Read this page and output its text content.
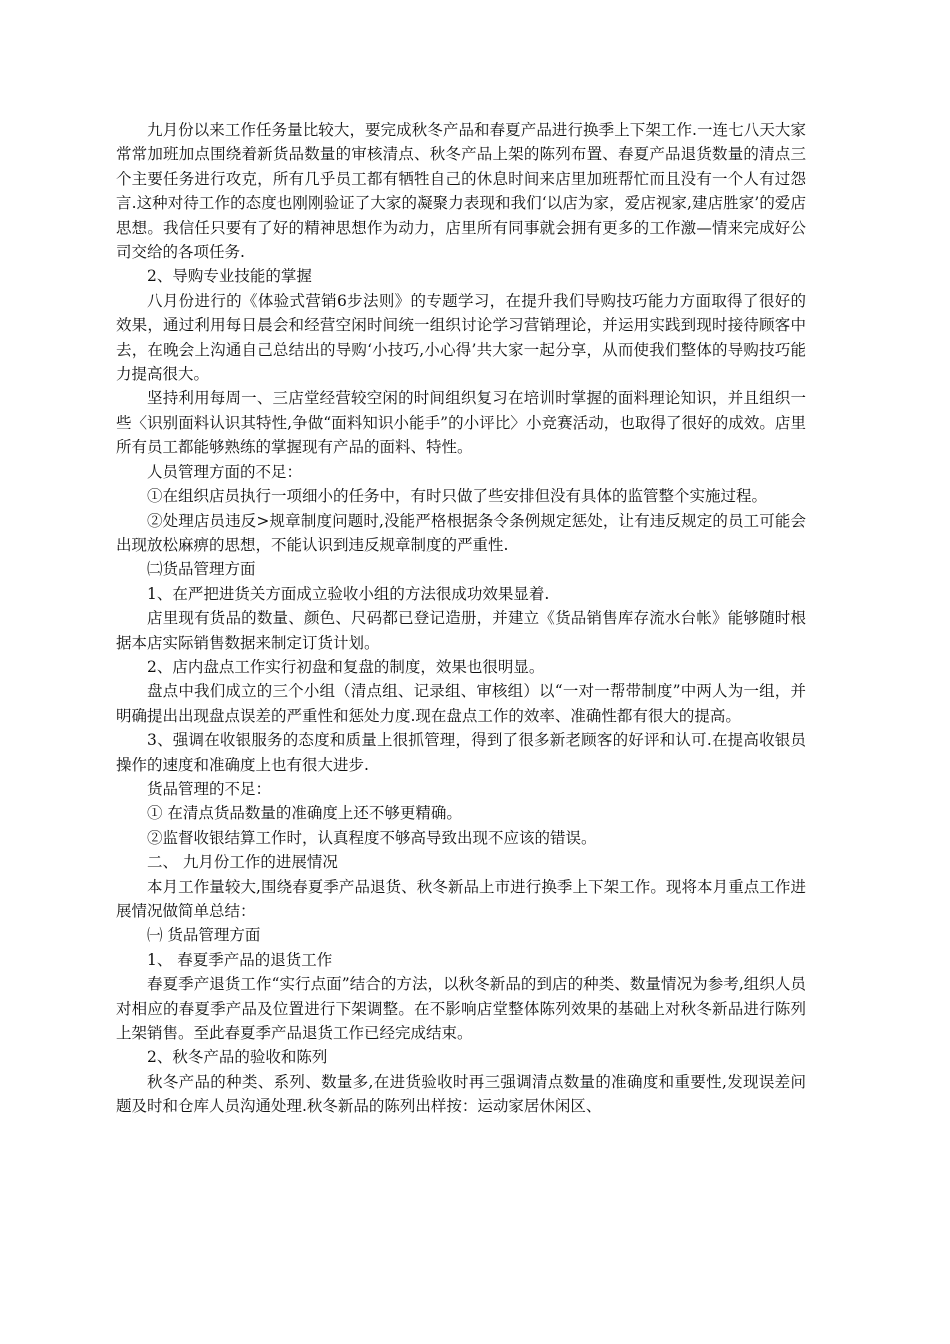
九月份以来工作任务量比较大，要完成秋冬产品和春夏产品进行换季上下架工作.一连七八天大家常常加班加点围绕着新货品数量的审核清点、秋冬产品上架的陈列布置、春夏产品退货数量的清点三个主要任务进行攻克，所有几乎员工都有牺牲自己的休息时间来店里加班帮忙而且没有一个人有过怨言.这种对待工作的态度也刚刚验证了大家的凝聚力表现和我们‘以店为家，爱店视家,建店胜家’的爱店思想。我信任只要有了好的精神思想作为动力，店里所有同事就会拥有更多的工作激—情来完成好公司交给的各项任务.

2、导购专业技能的掌握

八月份进行的《体验式营销6步法则》的专题学习，在提升我们导购技巧能力方面取得了很好的效果，通过利用每日晨会和经营空闲时间统一组织讨论学习营销理论，并运用实践到现时接待顾客中去，在晚会上沟通自己总结出的导购‘小技巧,小心得’共大家一起分享，从而使我们整体的导购技巧能力提高很大。

坚持利用每周一、三店堂经营较空闲的时间组织复习在培训时掌握的面料理论知识，并且组织一些〈识别面料认识其特性,争做“面料知识小能手”的小评比〉小竞赛活动，也取得了很好的成效。店里所有员工都能够熟练的掌握现有产品的面料、特性。

人员管理方面的不足：

①在组织店员执行一项细小的任务中，有时只做了些安排但没有具体的监管整个实施过程。

②处理店员违反>规章制度问题时,没能严格根据条令条例规定惩处，让有违反规定的员工可能会出现放松麻痹的思想，不能认识到违反规章制度的严重性.

㈡货品管理方面

1、在严把进货关方面成立验收小组的方法很成功效果显着.

店里现有货品的数量、颜色、尺码都已登记造册，并建立《货品销售库存流水台帐》能够随时根据本店实际销售数据来制定订货计划。

2、店内盘点工作实行初盘和复盘的制度，效果也很明显。

盘点中我们成立的三个小组（清点组、记录组、审核组）以“一对一帮带制度”中两人为一组，并明确提出出现盘点误差的严重性和惩处力度.现在盘点工作的效率、准确性都有很大的提高。

3、强调在收银服务的态度和质量上很抓管理，得到了很多新老顾客的好评和认可.在提高收银员操作的速度和准确度上也有很大进步.

货品管理的不足：

① 在清点货品数量的准确度上还不够更精确。

②监督收银结算工作时，认真程度不够高导致出现不应该的错误。

二、 九月份工作的进展情况

本月工作量较大,围绕春夏季产品退货、秋冬新品上市进行换季上下架工作。现将本月重点工作进展情况做简单总结：

㈠ 货品管理方面

1、 春夏季产品的退货工作

春夏季产退货工作“实行点面”结合的方法，以秋冬新品的到店的种类、数量情况为参考,组织人员对相应的春夏季产品及位置进行下架调整。在不影响店堂整体陈列效果的基础上对秋冬新品进行陈列上架销售。至此春夏季产品退货工作已经完成结束。

2、秋冬产品的验收和陈列

秋冬产品的种类、系列、数量多,在进货验收时再三强调清点数量的准确度和重要性,发现误差问题及时和仓库人员沟通处理.秋冬新品的陈列出样按：运动家居休闲区、
